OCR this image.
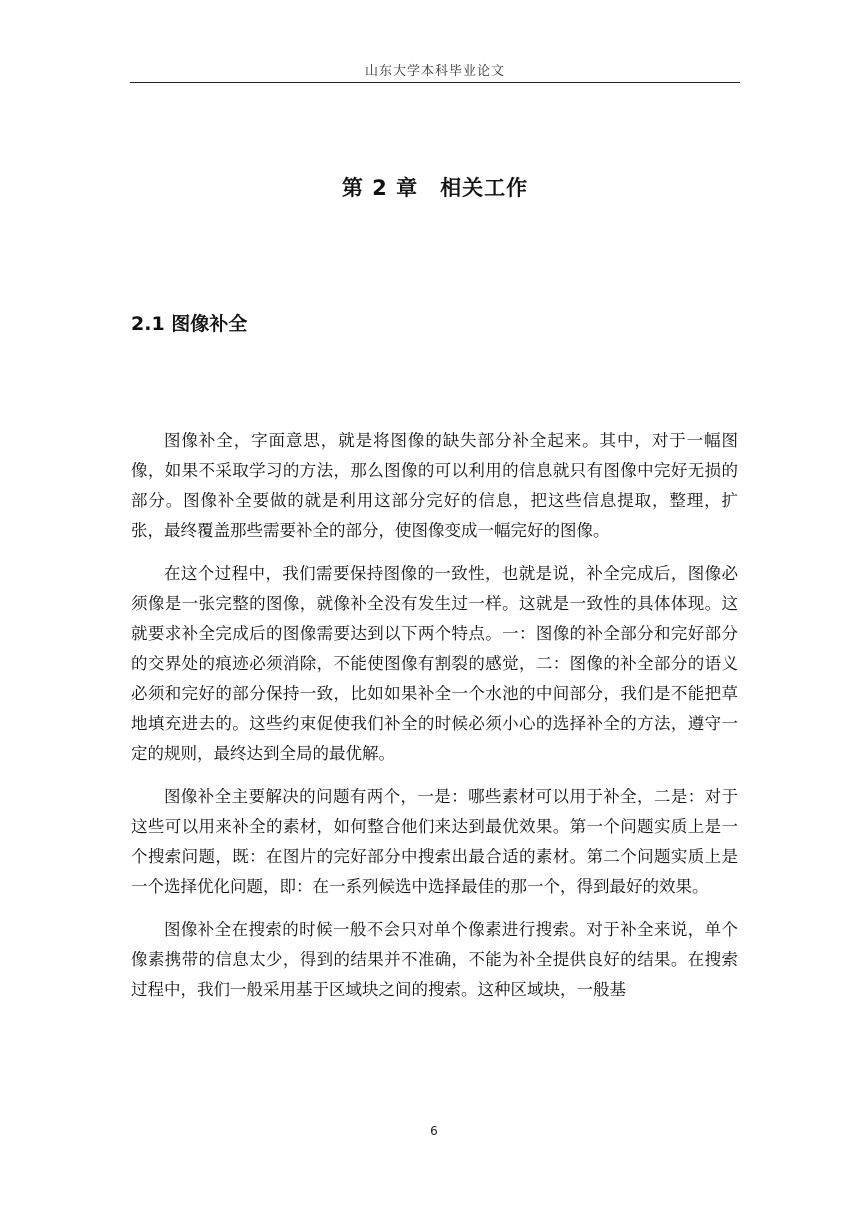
山东大学本科毕业论文
第 2 章 相关工作
2.1 图像补全

图像补全，字面意思，就是将图像的缺失部分补全起来。其中，对于一幅图像，如果不采取学习的方法，那么图像的可以利用的信息就只有图像中完好无损的部分。图像补全要做的就是利用这部分完好的信息，把这些信息提取，整理，扩张，最终覆盖那些需要补全的部分，使图像变成一幅完好的图像。

在这个过程中，我们需要保持图像的一致性，也就是说，补全完成后，图像必须像是一张完整的图像，就像补全没有发生过一样。这就是一致性的具体体现。这就要求补全完成后的图像需要达到以下两个特点。一：图像的补全部分和完好部分的交界处的痕迹必须消除，不能使图像有割裂的感觉，二：图像的补全部分的语义必须和完好的部分保持一致，比如如果补全一个水池的中间部分，我们是不能把草地填充进去的。这些约束促使我们补全的时候必须小心的选择补全的方法，遵守一定的规则，最终达到全局的最优解。

图像补全主要解决的问题有两个，一是：哪些素材可以用于补全，二是：对于这些可以用来补全的素材，如何整合他们来达到最优效果。第一个问题实质上是一个搜索问题，既：在图片的完好部分中搜索出最合适的素材。第二个问题实质上是一个选择优化问题，即：在一系列候选中选择最佳的那一个，得到最好的效果。

图像补全在搜索的时候一般不会只对单个像素进行搜索。对于补全来说，单个像素携带的信息太少，得到的结果并不准确，不能为补全提供良好的结果。在搜索过程中，我们一般采用基于区域块之间的搜索。这种区域块，一般基

6
